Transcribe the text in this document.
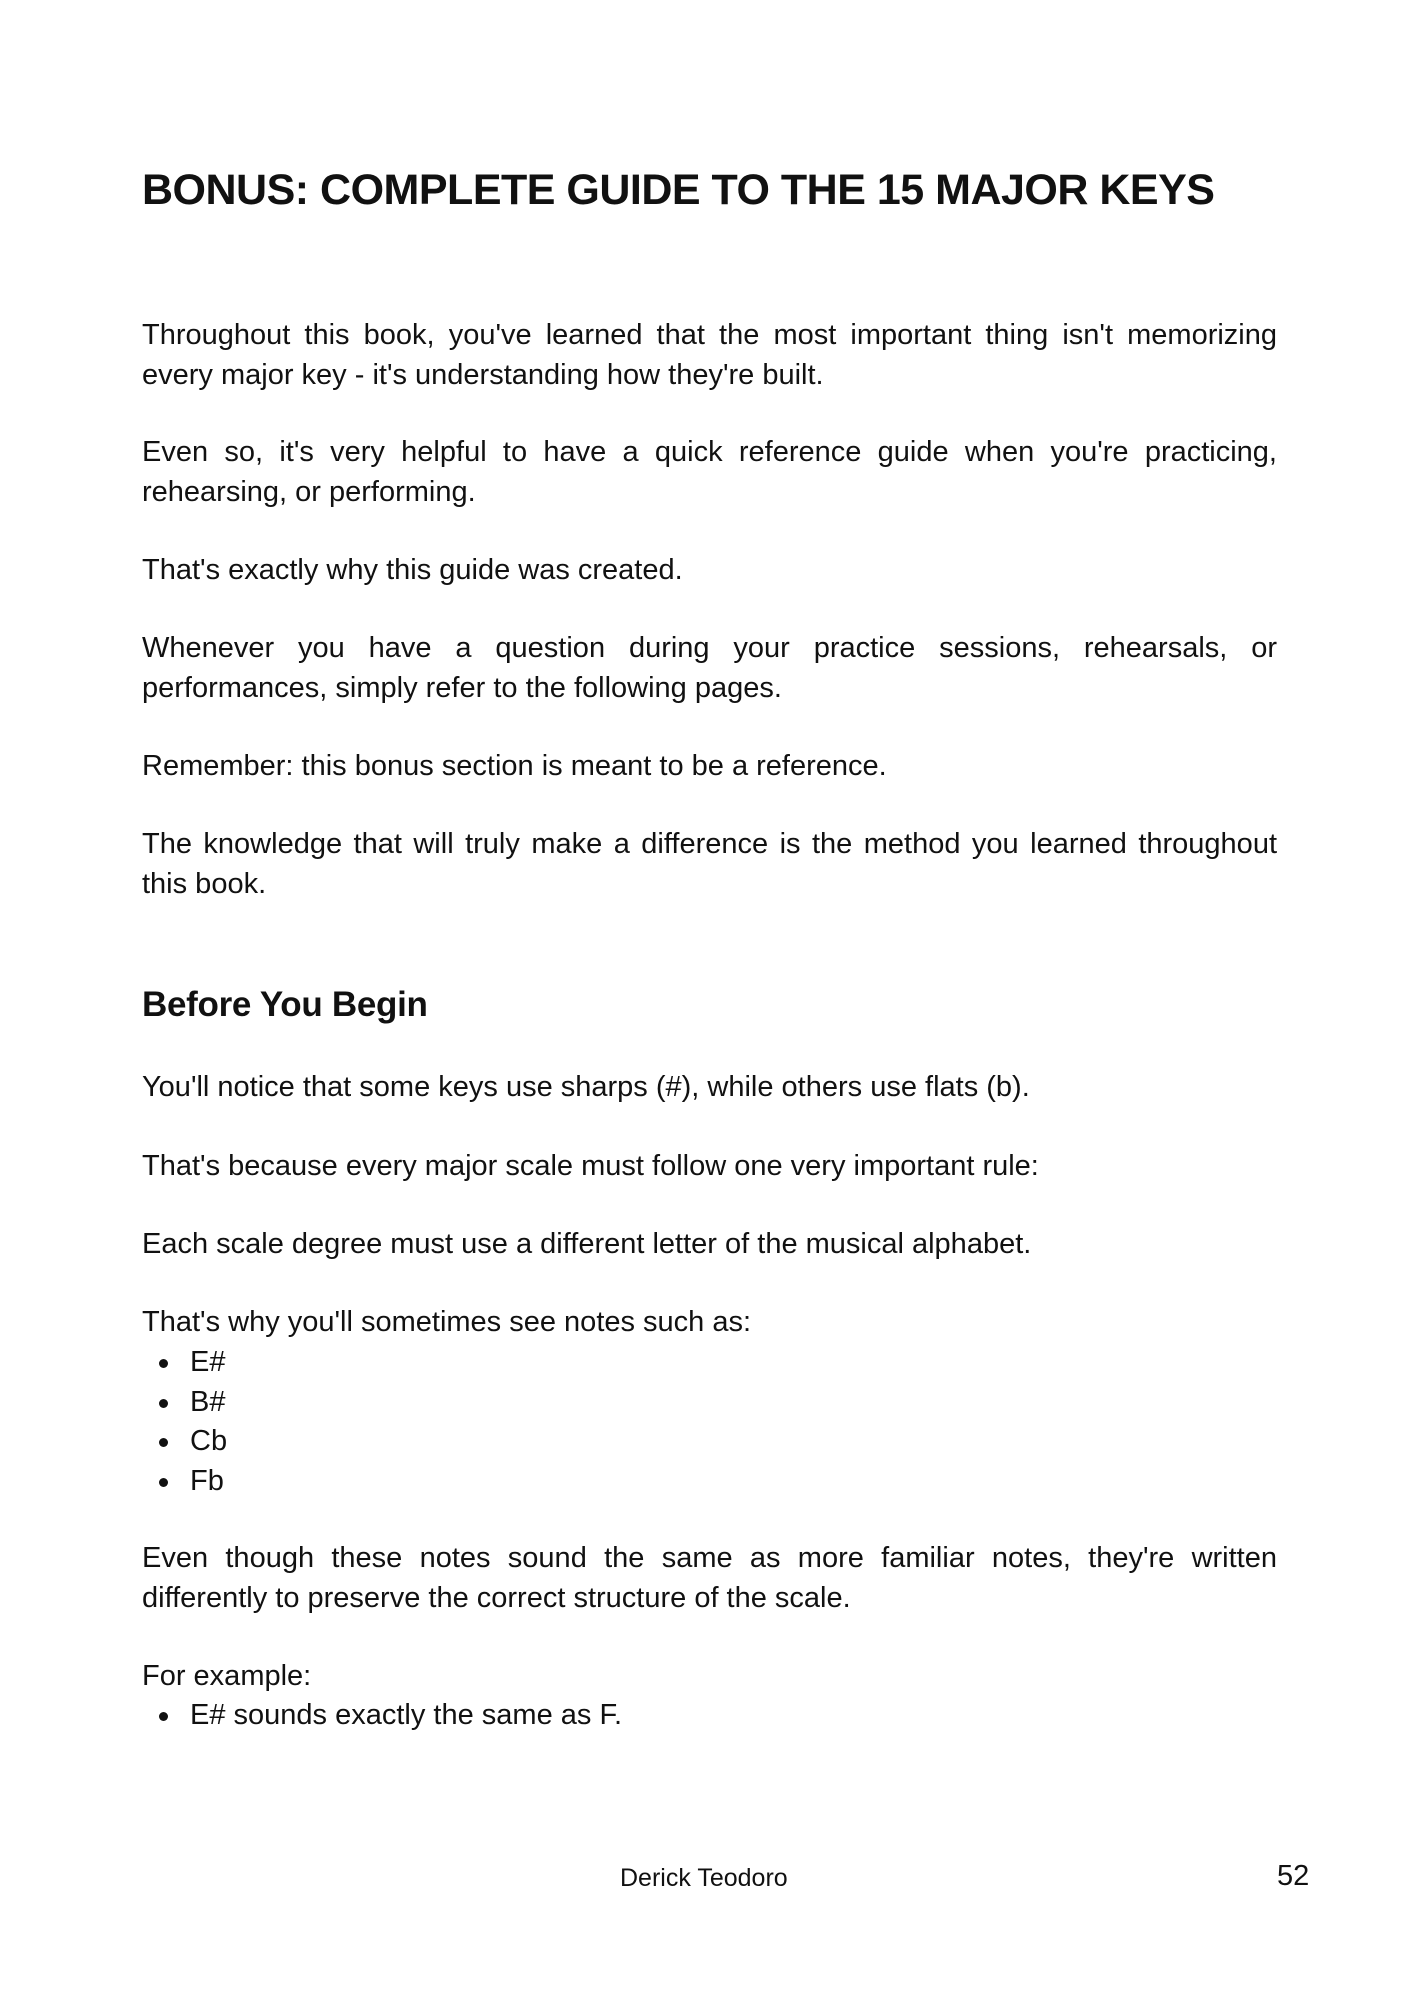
BONUS: COMPLETE GUIDE TO THE 15 MAJOR KEYS

Throughout this book, you've learned that the most important thing isn't memorizing every major key - it's understanding how they're built.

Even so, it's very helpful to have a quick reference guide when you're practicing, rehearsing, or performing.

That's exactly why this guide was created.

Whenever you have a question during your practice sessions, rehearsals, or performances, simply refer to the following pages.

Remember: this bonus section is meant to be a reference.

The knowledge that will truly make a difference is the method you learned throughout this book.

Before You Begin

You'll notice that some keys use sharps (#), while others use flats (b).

That's because every major scale must follow one very important rule:

Each scale degree must use a different letter of the musical alphabet.

That's why you'll sometimes see notes such as:

E#
B#
Cb
Fb

Even though these notes sound the same as more familiar notes, they're written differently to preserve the correct structure of the scale.

For example:

E# sounds exactly the same as F.
Derick Teodoro	52
